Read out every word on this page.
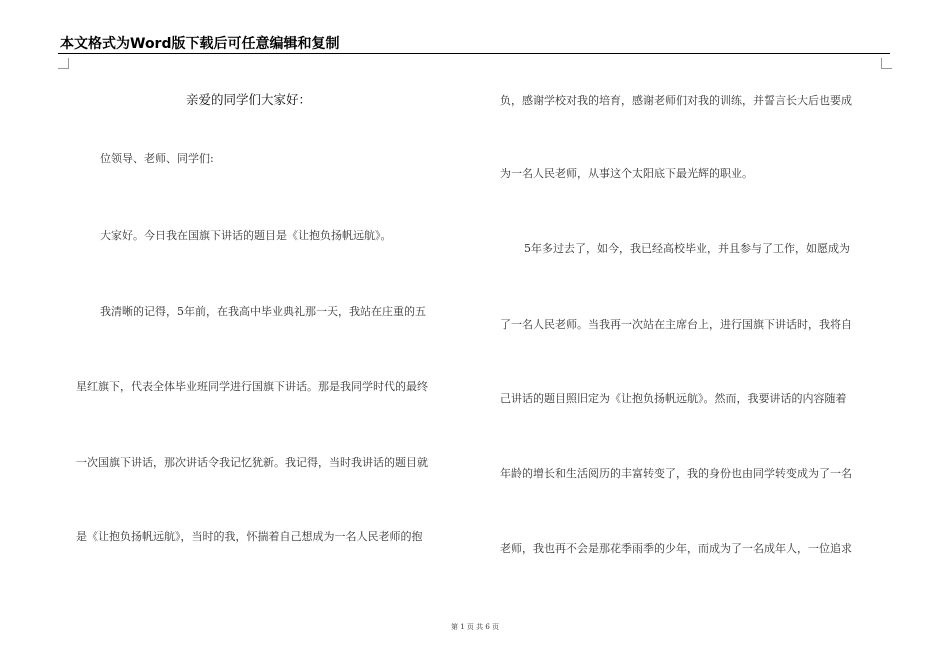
本文格式为Word版下载后可任意编辑和复制
亲爱的同学们大家好：
位领导、老师、同学们:
大家好。今日我在国旗下讲话的题目是《让抱负扬帆远航》。
我清晰的记得，5年前，在我高中毕业典礼那一天，我站在庄重的五
星红旗下，代表全体毕业班同学进行国旗下讲话。那是我同学时代的最终
一次国旗下讲话，那次讲话令我记忆犹新。我记得，当时我讲话的题目就
是《让抱负扬帆远航》，当时的我，怀揣着自己想成为一名人民老师的抱
负，感谢学校对我的培育，感谢老师们对我的训练，并誓言长大后也要成
为一名人民老师，从事这个太阳底下最光辉的职业。
5年多过去了，如今，我已经高校毕业，并且参与了工作，如愿成为
了一名人民老师。当我再一次站在主席台上，进行国旗下讲话时，我将自
己讲话的题目照旧定为《让抱负扬帆远航》。然而，我要讲话的内容随着
年龄的增长和生活阅历的丰富转变了，我的身份也由同学转变成为了一名
老师，我也再不会是那花季雨季的少年，而成为了一名成年人，一位追求
第 1 页 共 6 页
